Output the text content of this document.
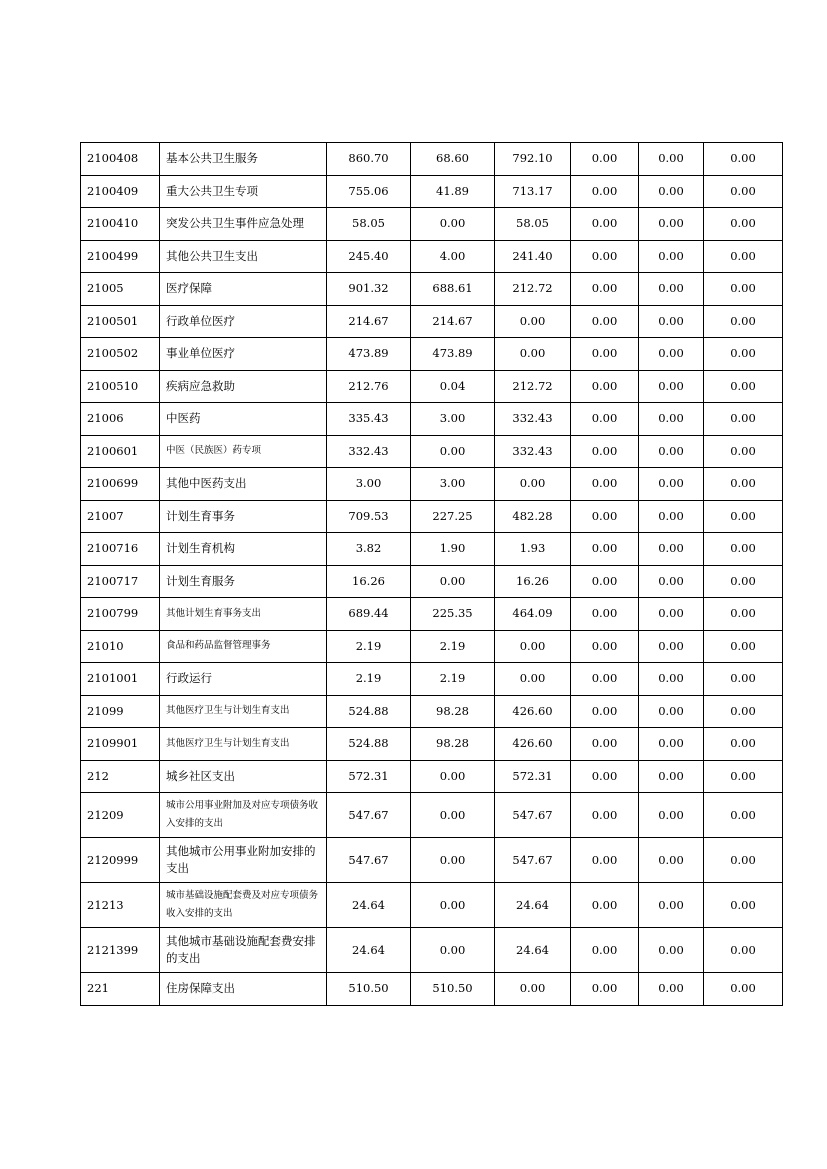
2100408	基本公共卫生服务	860.70	68.60	792.10	0.00	0.00	0.00
2100409	重大公共卫生专项	755.06	41.89	713.17	0.00	0.00	0.00
2100410	突发公共卫生事件应急处理	58.05	0.00	58.05	0.00	0.00	0.00
2100499	其他公共卫生支出	245.40	4.00	241.40	0.00	0.00	0.00
21005	医疗保障	901.32	688.61	212.72	0.00	0.00	0.00
2100501	行政单位医疗	214.67	214.67	0.00	0.00	0.00	0.00
2100502	事业单位医疗	473.89	473.89	0.00	0.00	0.00	0.00
2100510	疾病应急救助	212.76	0.04	212.72	0.00	0.00	0.00
21006	中医药	335.43	3.00	332.43	0.00	0.00	0.00
2100601	中医（民族医）药专项	332.43	0.00	332.43	0.00	0.00	0.00
2100699	其他中医药支出	3.00	3.00	0.00	0.00	0.00	0.00
21007	计划生育事务	709.53	227.25	482.28	0.00	0.00	0.00
2100716	计划生育机构	3.82	1.90	1.93	0.00	0.00	0.00
2100717	计划生育服务	16.26	0.00	16.26	0.00	0.00	0.00
2100799	其他计划生育事务支出	689.44	225.35	464.09	0.00	0.00	0.00
21010	食品和药品监督管理事务	2.19	2.19	0.00	0.00	0.00	0.00
2101001	行政运行	2.19	2.19	0.00	0.00	0.00	0.00
21099	其他医疗卫生与计划生育支出	524.88	98.28	426.60	0.00	0.00	0.00
2109901	其他医疗卫生与计划生育支出	524.88	98.28	426.60	0.00	0.00	0.00
212	城乡社区支出	572.31	0.00	572.31	0.00	0.00	0.00
21209	城市公用事业附加及对应专项债务收入安排的支出	547.67	0.00	547.67	0.00	0.00	0.00
2120999	其他城市公用事业附加安排的支出	547.67	0.00	547.67	0.00	0.00	0.00
21213	城市基础设施配套费及对应专项债务收入安排的支出	24.64	0.00	24.64	0.00	0.00	0.00
2121399	其他城市基础设施配套费安排的支出	24.64	0.00	24.64	0.00	0.00	0.00
221	住房保障支出	510.50	510.50	0.00	0.00	0.00	0.00
